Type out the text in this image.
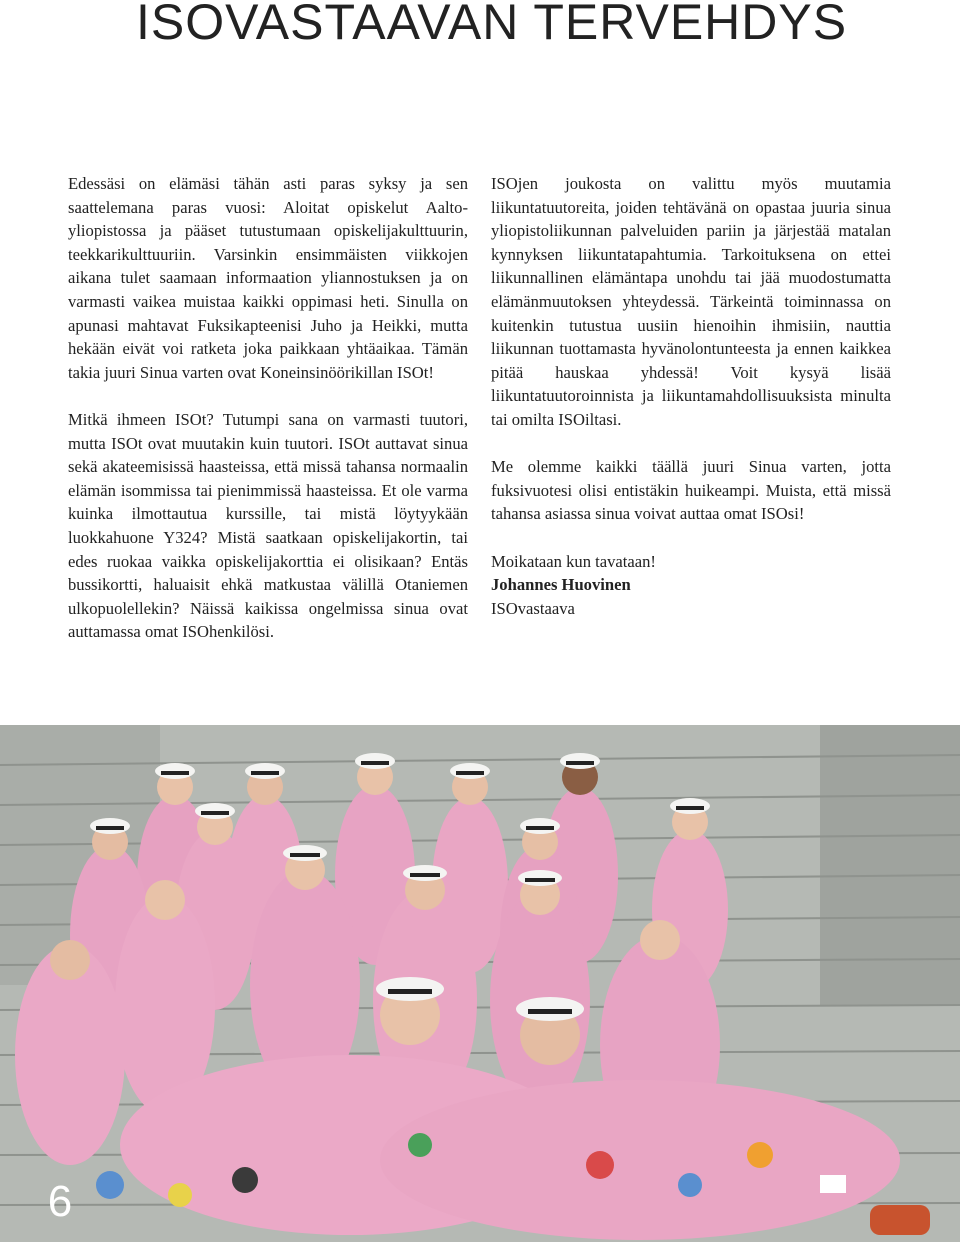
ISOVASTAAVAN TERVEHDYS

Edessäsi on elämäsi tähän asti paras syksy ja sen saattelemana paras vuosi: Aloitat opiskelut Aalto-yliopistossa ja pääset tutustumaan opiskelijakulttuurin, teekkarikulttuuriin. Varsinkin ensimmäisten viikkojen aikana tulet saamaan informaation yliannostuksen ja on varmasti vaikea muistaa kaikki oppimasi heti. Sinulla on apunasi mahtavat Fuksikapteenisi Juho ja Heikki, mutta hekään eivät voi ratketa joka paikkaan yhtäaikaa. Tämän takia juuri Sinua varten ovat Koneinsinöörikillan ISOt!

Mitkä ihmeen ISOt? Tutumpi sana on varmasti tuutori, mutta ISOt ovat muutakin kuin tuutori. ISOt auttavat sinua sekä akateemisissä haasteissa, että missä tahansa normaalin elämän isommissa tai pienimmissä haasteissa. Et ole varma kuinka ilmottautua kurssille, tai mistä löytyykään luokkahuone Y324? Mistä saatkaan opiskelijakortin, tai edes ruokaa vaikka opiskelijakorttia ei olisikaan? Entäs bussikortti, haluaisit ehkä matkustaa välillä Otaniemen ulkopuolellekin? Näissä kaikissa ongelmissa sinua ovat auttamassa omat ISOhenkilösi.

ISOjen joukosta on valittu myös muutamia liikuntatuutoreita, joiden tehtävänä on opastaa juuria sinua yliopistoliikunnan palveluiden pariin ja järjestää matalan kynnyksen liikuntatapahtumia. Tarkoituksena on ettei liikunnallinen elämäntapa unohdu tai jää muodostumatta elämänmuutoksen yhteydessä. Tärkeintä toiminnassa on kuitenkin tutustua uusiin hienoihin ihmisiin, nauttia liikunnan tuottamasta hyvänolontunteesta ja ennen kaikkea pitää hauskaa yhdessä! Voit kysyä lisää liikuntatuutoroinnista ja liikuntamahdollisuuksista minulta tai omilta ISOiltasi.

Me olemme kaikki täällä juuri Sinua varten, jotta fuksivuotesi olisi entistäkin huikeampi. Muista, että missä tahansa asiassa sinua voivat auttaa omat ISOsi!

Moikataan kun tavataan!

Johannes Huovinen

ISOvastaava

6
